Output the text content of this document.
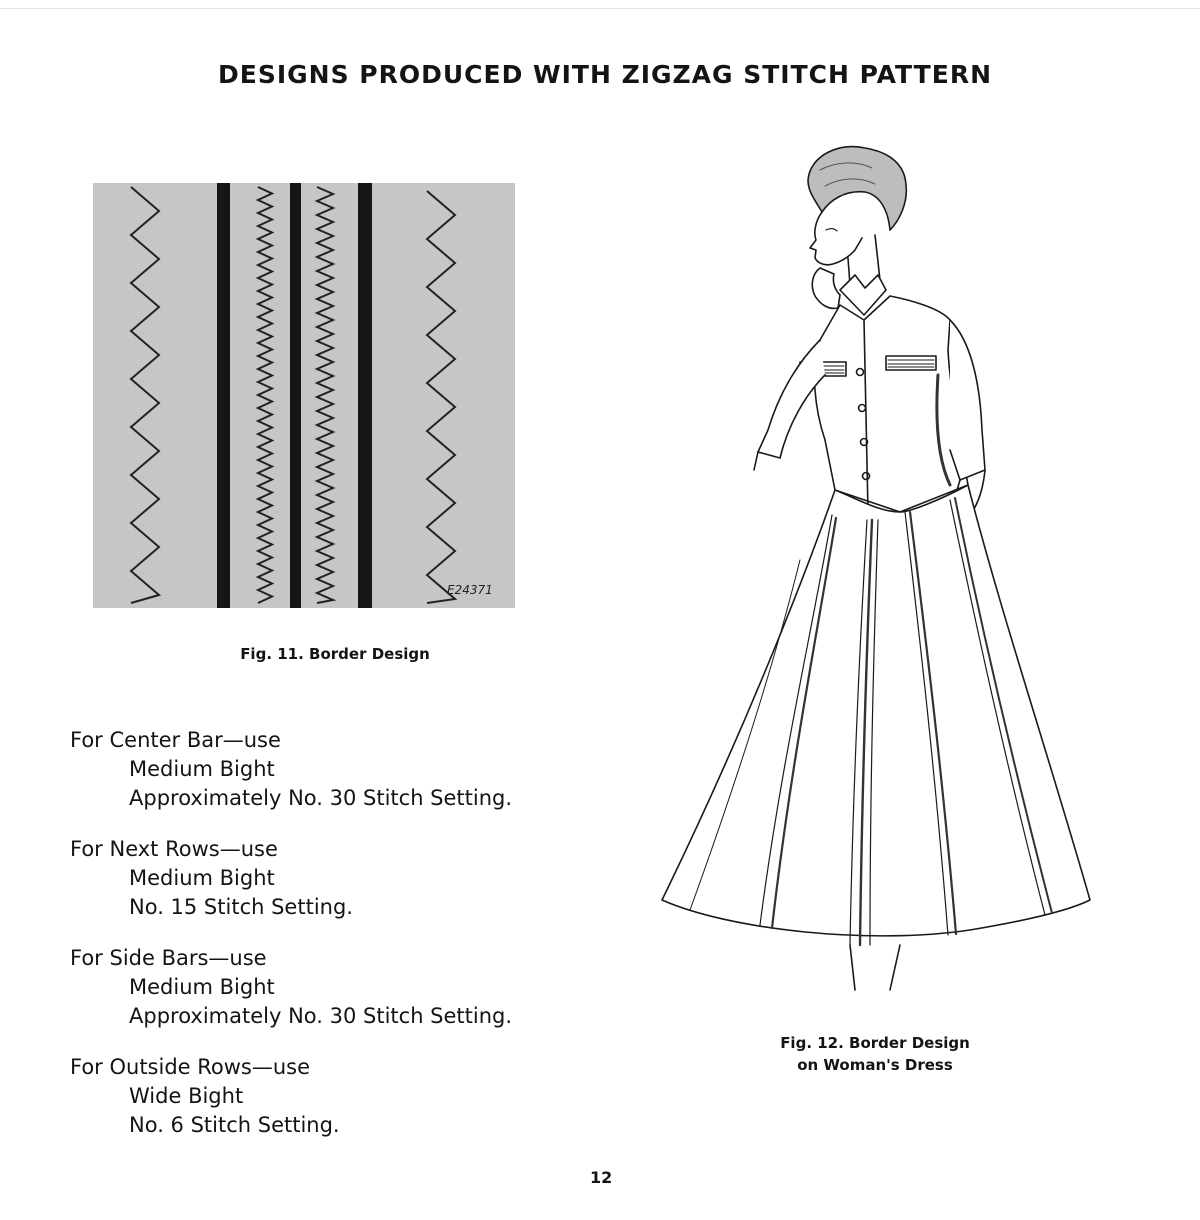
DESIGNS PRODUCED WITH ZIGZAG STITCH PATTERN
E24371
Fig. 11. Border Design
For Center Bar—use
Medium Bight
Approximately No. 30 Stitch Setting.
For Next Rows—use
Medium Bight
No. 15 Stitch Setting.
For Side Bars—use
Medium Bight
Approximately No. 30 Stitch Setting.
For Outside Rows—use
Wide Bight
No. 6 Stitch Setting.
Fig. 12. Border Design
on Woman's Dress
12
